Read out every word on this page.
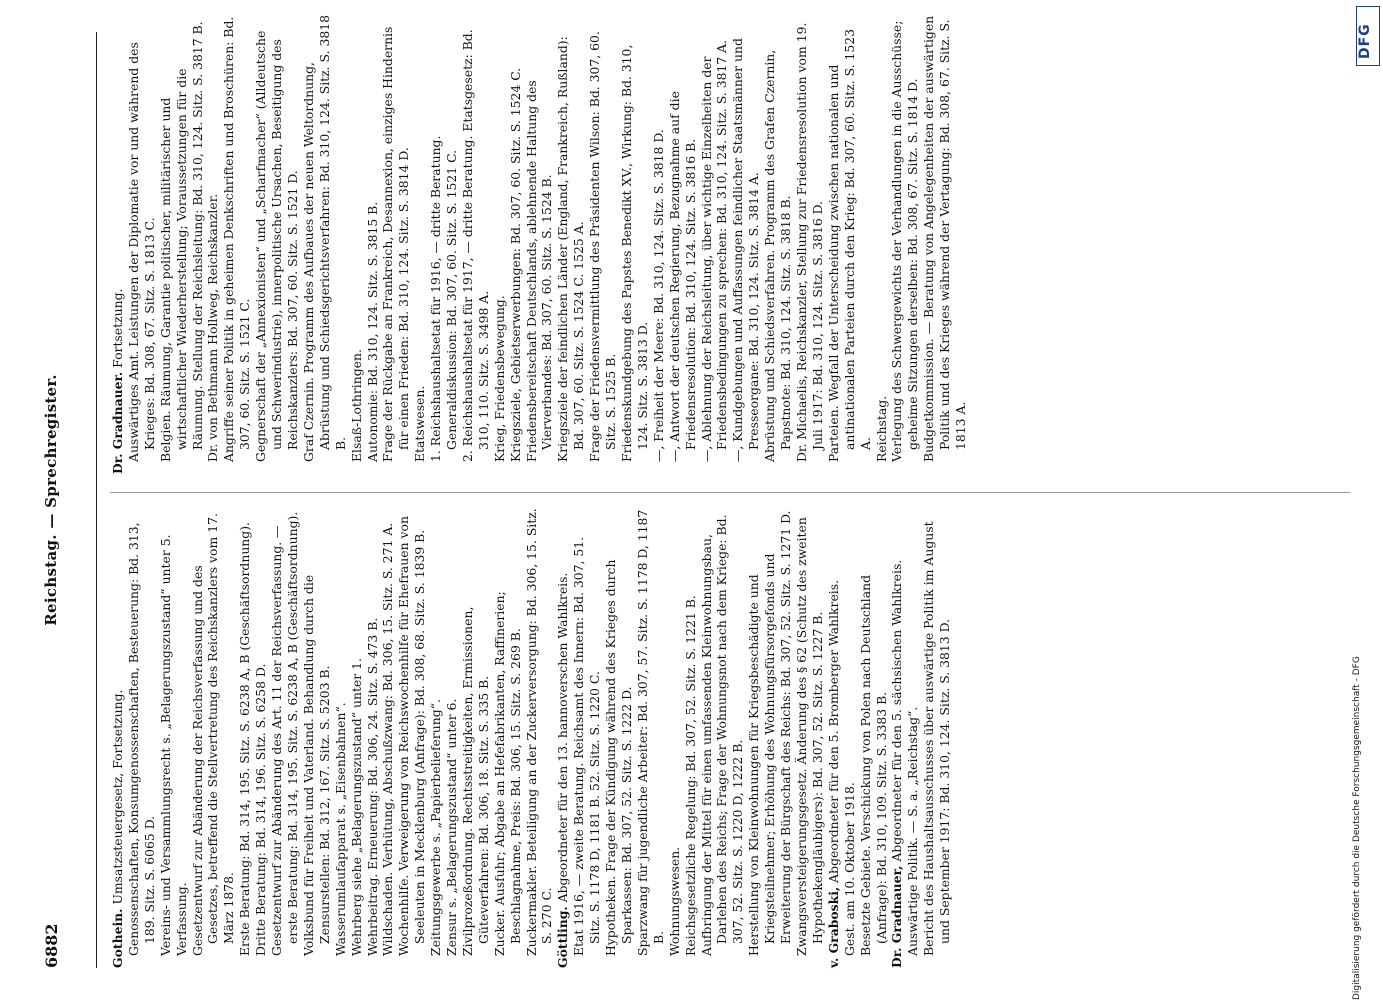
6882
Reichstag. — Sprechregister.

Gothein. Umsatzsteuergesetz, Fortsetzung. Genossenschaften, Konsumgenossenschaften, Besteuerung: Bd. 313, 189. Sitz. S. 6065 D. Vereins- und Versammlungsrecht s. „Belagerungszustand“ unter 5. Verfassung. Gesetzentwurf zur Abänderung der Reichsverfassung und des Gesetzes, betreffend die Stellvertretung des Reichskanzlers vom 17. März 1878. Erste Beratung: Bd. 314, 195. Sitz. S. 6238 A, B (Geschäftsordnung). Dritte Beratung: Bd. 314, 196. Sitz. S. 6258 D. Gesetzentwurf zur Abänderung des Art. 11 der Reichsverfassung. — erste Beratung: Bd. 314, 195. Sitz. S. 6238 A, B (Geschäftsordnung). Volksbund für Freiheit und Vaterland. Behandlung durch die Zensurstellen: Bd. 312, 167. Sitz. S. 5203 B. Wasserumlaufapparat s. „Eisenbahnen“. Wehrberg siehe „Belagerungszustand“ unter 1. Wehrbeitrag. Erneuerung: Bd. 306, 24. Sitz. S. 473 B. Wildschaden. Verhütung, Abschußzwang: Bd. 306, 15. Sitz. S. 271 A. Wochenhilfe. Verweigerung von Reichswochenhilfe für Ehefrauen von Seeleuten in Mecklenburg (Anfrage): Bd. 308, 68. Sitz. S. 1839 B. Zeitungsgewerbe s. „Papierbelieferung“. Zensur s. „Belagerungszustand“ unter 6. Zivilprozeßordnung. Rechtsstreitigkeiten, Ermissionen, Güteverfahren: Bd. 306, 18. Sitz. S. 335 B. Zucker. Ausfuhr; Abgabe an Hefefabrikanten, Raffinerien; Beschlagnahme, Preis: Bd. 306, 15. Sitz. S. 269 B. Zuckermakler. Beteiligung an der Zuckerversorgung: Bd. 306, 15. Sitz. S. 270 C. Göttling. Abgeordneter für den 13. hannoverschen Wahlkreis. Etat 1916, — zweite Beratung. Reichsamt des Innern: Bd. 307, 51. Sitz. S. 1178 D, 1181 B. 52. Sitz. S. 1220 C. Hypotheken. Frage der Kündigung während des Krieges durch Sparkassen: Bd. 307, 52. Sitz. S. 1222 D. Sparzwang für jugendliche Arbeiter: Bd. 307, 57. Sitz. S. 1178 D, 1187 B. Wohnungswesen. Reichsgesetzliche Regelung: Bd. 307, 52. Sitz. S. 1221 B. Aufbringung der Mittel für einen umfassenden Kleinwohnungsbau, Darlehen des Reichs; Frage der Wohnungsnot nach dem Kriege: Bd. 307, 52. Sitz. S. 1220 D, 1222 B. Herstellung von Kleinwohnungen für Kriegsbeschädigte und Kriegsteilnehmer; Erhöhung des Wohnungsfürsorgefonds und Erweiterung der Bürgschaft des Reichs: Bd. 307, 52. Sitz. S. 1271 D. Zwangsversteigerungsgesetz. Änderung des § 62 (Schutz des zweiten Hypothekengläubigers): Bd. 307, 52. Sitz. S. 1227 B. v. Graboski, Abgeordneter für den 5. Bromberger Wahlkreis. Gest. am 10. Oktober 1918. Besetzte Gebiete. Verschickung von Polen nach Deutschland (Anfrage): Bd. 310, 109. Sitz. S. 3383 B. Dr. Gradnauer, Abgeordneter für den 5. sächsischen Wahlkreis. Auswärtige Politik. — S. a. „Reichstag“. Bericht des Haushaltsausschusses über auswärtige Politik im August und September 1917: Bd. 310, 124. Sitz. S. 3813 D.

Dr. Gradnauer. Fortsetzung. Auswärtiges Amt. Leistungen der Diplomatie vor und während des Krieges: Bd. 308, 67. Sitz. S. 1813 C. Belgien. Räumung, Garantie politischer, militärischer und wirtschaftlicher Wiederherstellung; Voraussetzungen für die Räumung. Stellung der Reichsleitung: Bd. 310, 124. Sitz. S. 3817 B. Dr. von Bethmann Hollweg, Reichskanzler. Angriffe seiner Politik in geheimen Denkschriften und Broschüren: Bd. 307, 60. Sitz. S. 1521 C. Gegnerschaft der „Annexionisten“ und „Scharfmacher“ (Alldeutsche und Schwerindustrie), innerpolitische Ursachen, Beseitigung des Reichskanzlers: Bd. 307, 60. Sitz. S. 1521 D. Graf Czernin. Programm des Aufbaues der neuen Weltordnung, Abrüstung und Schiedsgerichtsverfahren: Bd. 310, 124. Sitz. S. 3818 B. Elsaß-Lothringen. Autonomie: Bd. 310, 124. Sitz. S. 3815 B. Frage der Rückgabe an Frankreich, Desannexion, einziges Hindernis für einen Frieden: Bd. 310, 124. Sitz. S. 3814 D. Etatswesen. 1. Reichshaushaltsetat für 1916, — dritte Beratung. Generaldiskussion: Bd. 307, 60. Sitz. S. 1521 C. 2. Reichshaushaltsetat für 1917, — dritte Beratung. Etatsgesetz: Bd. 310, 110. Sitz. S. 3498 A. Krieg, Friedensbewegung. Kriegsziele, Gebietserwerbungen: Bd. 307, 60. Sitz. S. 1524 C. Friedensbereitschaft Deutschlands, ablehnende Haltung des Vierverbandes: Bd. 307, 60. Sitz. S. 1524 B. Kriegsziele der feindlichen Länder (England, Frankreich, Rußland): Bd. 307, 60. Sitz. S. 1524 C. 1525 A. Frage der Friedensvermittlung des Präsidenten Wilson: Bd. 307, 60. Sitz. S. 1525 B. Friedenskundgebung des Papstes Benedikt XV., Wirkung: Bd. 310, 124. Sitz. S. 3813 D. —, Freiheit der Meere: Bd. 310, 124. Sitz. S. 3818 D. —, Antwort der deutschen Regierung, Bezugnahme auf die Friedensresolution: Bd. 310, 124. Sitz. S. 3816 B. —, Ablehnung der Reichsleitung, über wichtige Einzelheiten der Friedensbedingungen zu sprechen: Bd. 310, 124. Sitz. S. 3817 A. —, Kundgebungen und Auffassungen feindlicher Staatsmänner und Presseorgane: Bd. 310, 124. Sitz. S. 3814 A. Abrüstung und Schiedsverfahren. Programm des Grafen Czernin, Papstnote: Bd. 310, 124. Sitz. S. 3818 B. Dr. Michaelis, Reichskanzler, Stellung zur Friedensresolution vom 19. Juli 1917: Bd. 310, 124. Sitz. S. 3816 D. Parteien. Wegfall der Unterscheidung zwischen nationalen und antinationalen Parteien durch den Krieg: Bd. 307, 60. Sitz. S. 1523 A. Reichstag. Verlegung des Schwergewichts der Verhandlungen in die Ausschüsse; geheime Sitzungen derselben: Bd. 308, 67. Sitz. S. 1814 D. Budgetkommission. — Beratung von Angelegenheiten der auswärtigen Politik und des Krieges während der Vertagung: Bd. 308, 67. Sitz. S. 1813 A.

Digitalisierung gefördert durch die Deutsche Forschungsgemeinschaft - DFG
DFG
